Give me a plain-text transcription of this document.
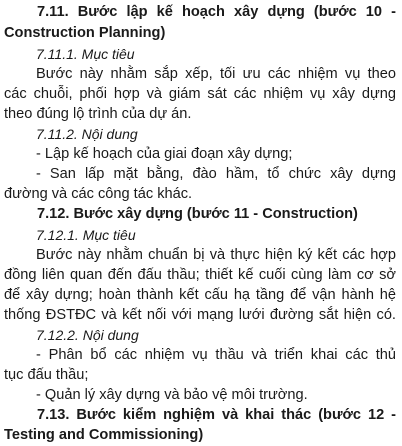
7.11. Bước lập kế hoạch xây dựng (bước 10 -
Construction Planning)
7.11.1. Mục tiêu
Bước này nhằm sắp xếp, tối ưu các nhiệm vụ theo
các chuỗi, phối hợp và giám sát các nhiệm vụ xây dựng
theo đúng lộ trình của dự án.
7.11.2. Nội dung
- Lập kế hoạch của giai đoạn xây dựng;
- San lấp mặt bằng, đào hầm, tổ chức xây dựng
đường và các công tác khác.
7.12. Bước xây dựng (bước 11 - Construction)
7.12.1. Mục tiêu
Bước này nhằm chuẩn bị và thực hiện ký kết các hợp
đồng liên quan đến đấu thầu; thiết kế cuối cùng làm cơ sở
để xây dựng; hoàn thành kết cấu hạ tầng để vận hành hệ
thống ĐSTĐC và kết nối với mạng lưới đường sắt hiện có.
7.12.2. Nội dung
- Phân bổ các nhiệm vụ thầu và triển khai các thủ
tục đấu thầu;
- Quản lý xây dựng và bảo vệ môi trường.
7.13. Bước kiểm nghiệm và khai thác (bước 12 -
Testing and Commissioning)
